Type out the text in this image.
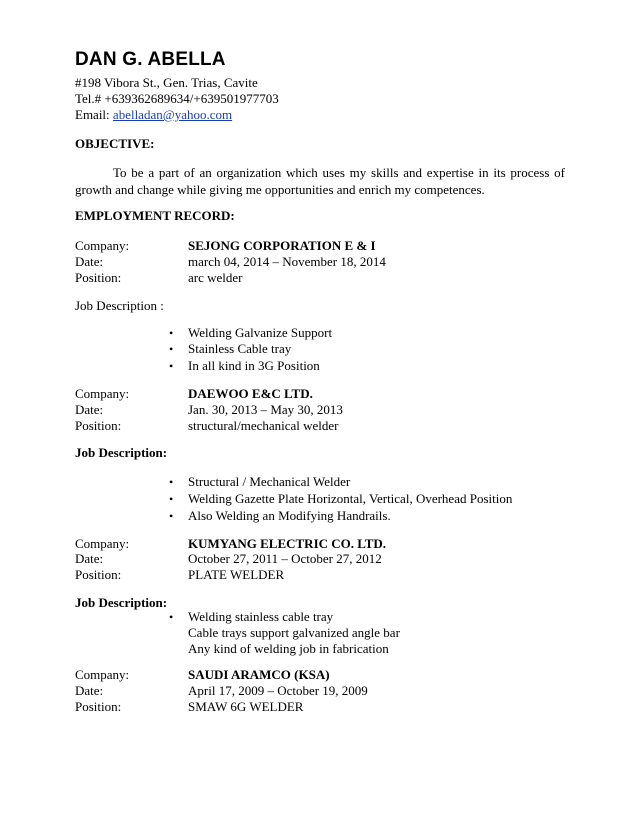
DAN G. ABELLA
#198 Vibora St., Gen. Trias, Cavite
Tel.# +639362689634/+639501977703
Email: abelladan@yahoo.com
OBJECTIVE:
To be a part of an organization which uses my skills and expertise in its process of growth and change while giving me opportunities and enrich my competences.
EMPLOYMENT RECORD:
Company:	SEJONG CORPORATION E & I
Date:	march 04, 2014 – November 18, 2014
Position:	arc welder
Job Description :
• Welding Galvanize Support
• Stainless Cable tray
• In all kind in 3G Position
Company:	DAEWOO E&C LTD.
Date:	Jan. 30, 2013 – May 30, 2013
Position:	structural/mechanical welder
Job Description:
• Structural / Mechanical Welder
• Welding Gazette Plate Horizontal, Vertical, Overhead Position
• Also Welding an Modifying Handrails.
Company:	KUMYANG ELECTRIC CO. LTD.
Date:	October 27, 2011 – October 27, 2012
Position:	PLATE WELDER
Job Description:
• Welding stainless cable tray
Cable trays support galvanized angle bar
Any kind of welding job in fabrication
Company:	SAUDI ARAMCO (KSA)
Date:	April 17, 2009 – October 19, 2009
Position:	SMAW 6G WELDER
